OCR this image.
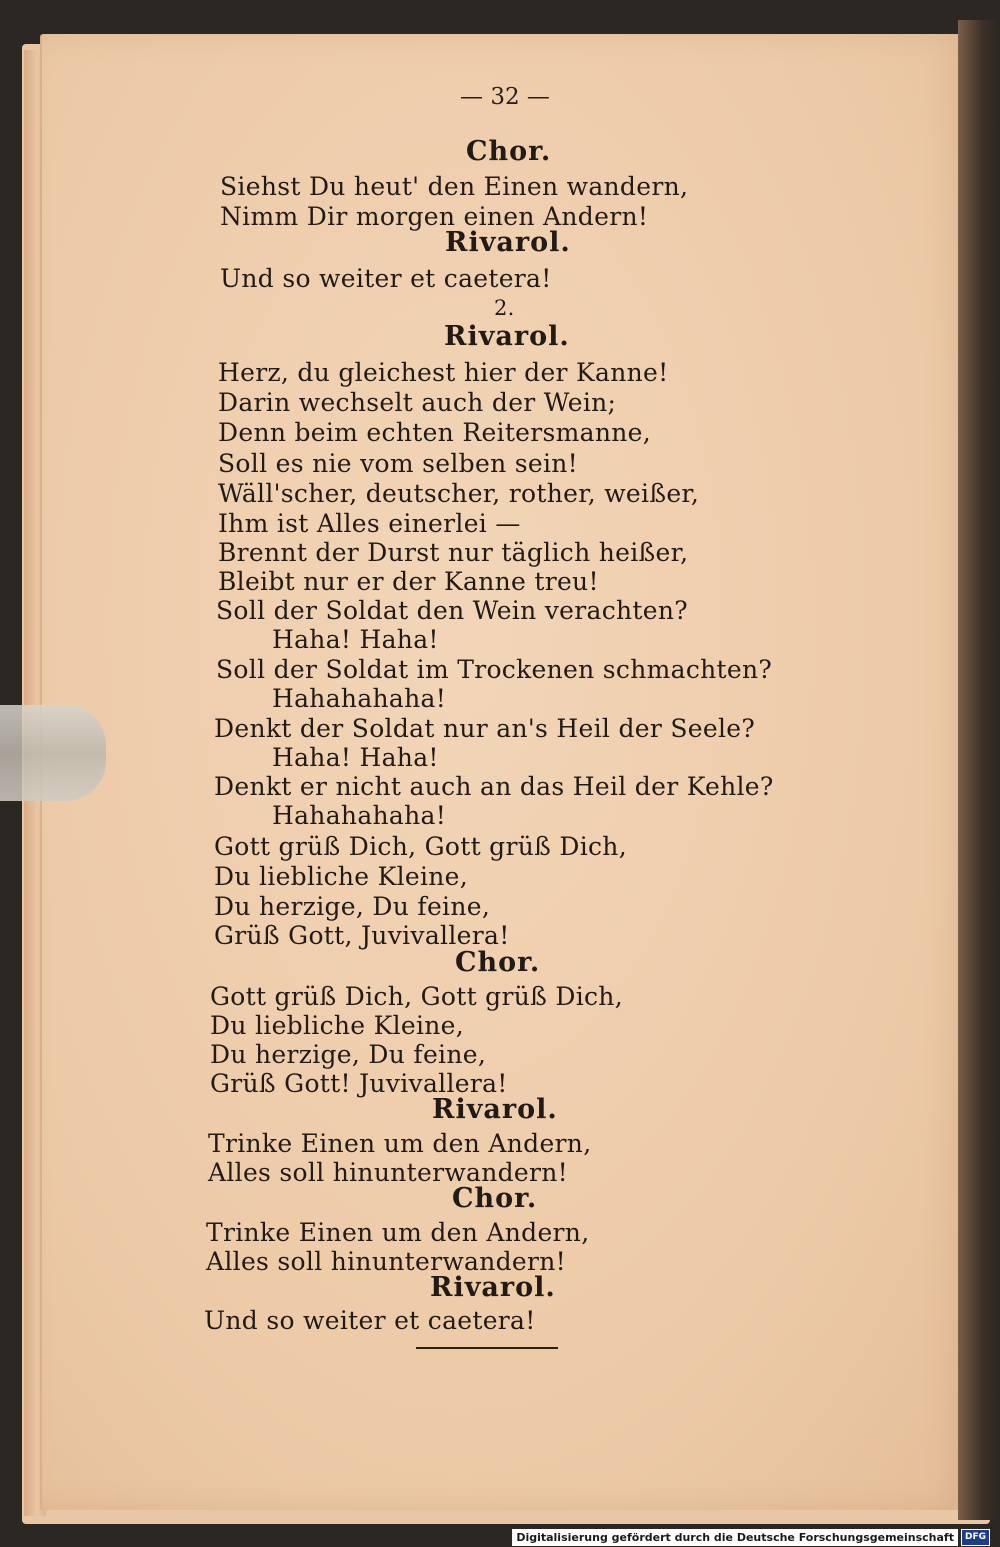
— 32 —
Chor.
Siehst Du heut' den Einen wandern,
Nimm Dir morgen einen Andern!
Rivarol.
Und so weiter et caetera!
2.
Rivarol.
Herz, du gleichest hier der Kanne!
Darin wechselt auch der Wein;
Denn beim echten Reitersmanne,
Soll es nie vom selben sein!
Wäll'scher, deutscher, rother, weißer,
Ihm ist Alles einerlei —
Brennt der Durst nur täglich heißer,
Bleibt nur er der Kanne treu!
Soll der Soldat den Wein verachten?
Haha! Haha!
Soll der Soldat im Trockenen schmachten?
Hahahahaha!
Denkt der Soldat nur an's Heil der Seele?
Haha! Haha!
Denkt er nicht auch an das Heil der Kehle?
Hahahahaha!
Gott grüß Dich, Gott grüß Dich,
Du liebliche Kleine,
Du herzige, Du feine,
Grüß Gott, Juvivallera!
Chor.
Gott grüß Dich, Gott grüß Dich,
Du liebliche Kleine,
Du herzige, Du feine,
Grüß Gott! Juvivallera!
Rivarol.
Trinke Einen um den Andern,
Alles soll hinunterwandern!
Chor.
Trinke Einen um den Andern,
Alles soll hinunterwandern!
Rivarol.
Und so weiter et caetera!
Digitalisierung gefördert durch die Deutsche Forschungsgemeinschaft	DFG
